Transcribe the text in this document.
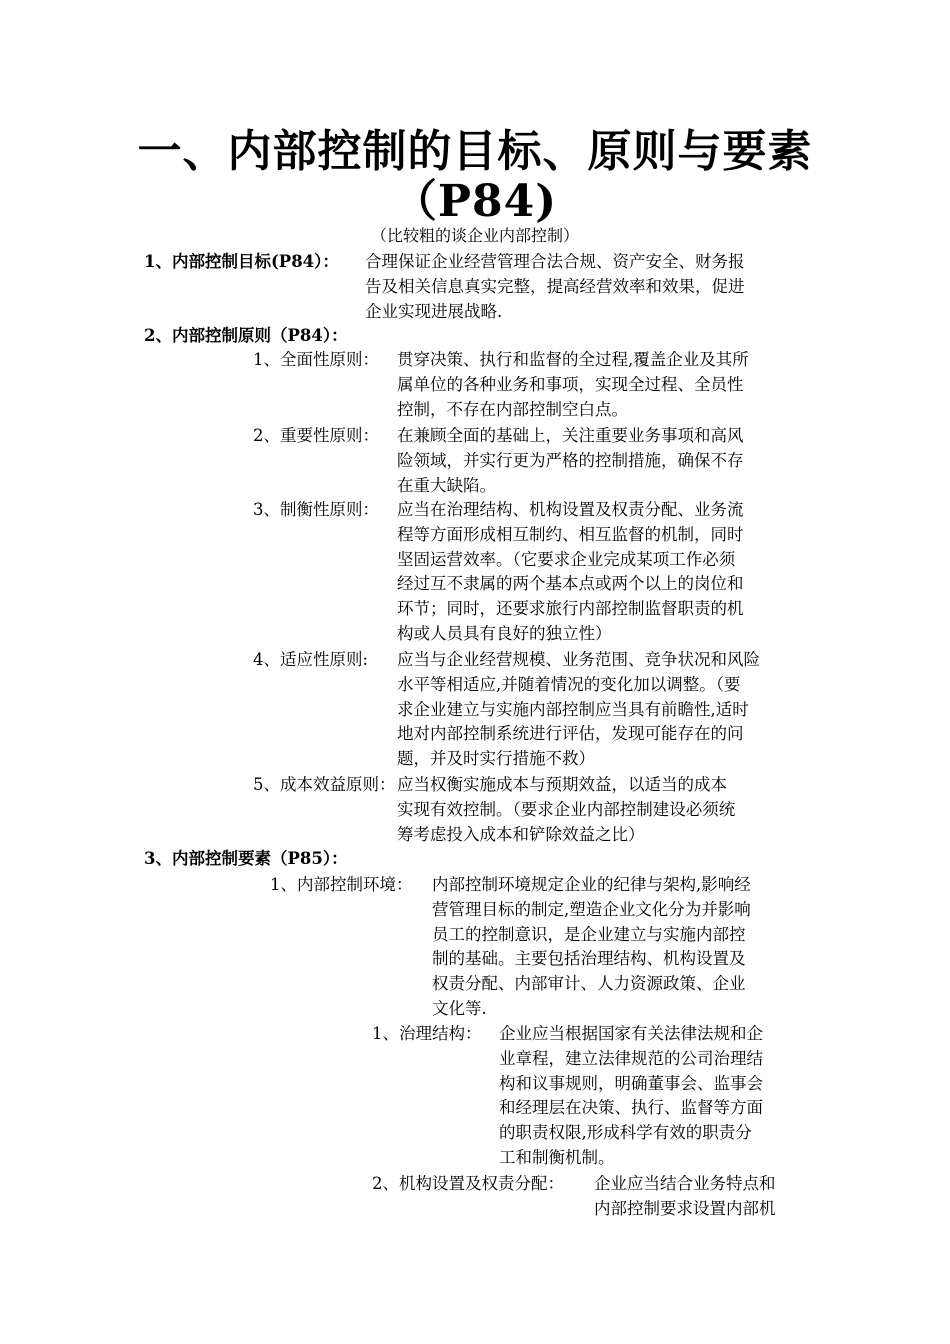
一、内部控制的目标、原则与要素
（P84)
（比较粗的谈企业内部控制）
1、内部控制目标(P84）： 合理保证企业经营管理合法合规、资产安全、财务报
告及相关信息真实完整，提高经营效率和效果，促进
企业实现进展战略.
2、内部控制原则（P84）：
1、全面性原则： 贯穿决策、执行和监督的全过程,覆盖企业及其所
属单位的各种业务和事项，实现全过程、全员性
控制，不存在内部控制空白点。
2、重要性原则： 在兼顾全面的基础上，关注重要业务事项和高风
险领域，并实行更为严格的控制措施，确保不存
在重大缺陷。
3、制衡性原则： 应当在治理结构、机构设置及权责分配、业务流
程等方面形成相互制约、相互监督的机制，同时
坚固运营效率。（它要求企业完成某项工作必须
经过互不隶属的两个基本点或两个以上的岗位和
环节；同时，还要求旅行内部控制监督职责的机
构或人员具有良好的独立性）
4、适应性原则: 应当与企业经营规模、业务范围、竞争状况和风险
水平等相适应,并随着情况的变化加以调整。（要
求企业建立与实施内部控制应当具有前瞻性,适时
地对内部控制系统进行评估，发现可能存在的问
题，并及时实行措施不救）
5、成本效益原则： 应当权衡实施成本与预期效益，以适当的成本
实现有效控制。（要求企业内部控制建设必须统
筹考虑投入成本和铲除效益之比）
3、内部控制要素（P85）：
1、内部控制环境： 内部控制环境规定企业的纪律与架构,影响经
营管理目标的制定,塑造企业文化分为并影响
员工的控制意识，是企业建立与实施内部控
制的基础。主要包括治理结构、机构设置及
权责分配、内部审计、人力资源政策、企业
文化等.
1、治理结构： 企业应当根据国家有关法律法规和企
业章程，建立法律规范的公司治理结
构和议事规则，明确董事会、监事会
和经理层在决策、执行、监督等方面
的职责权限,形成科学有效的职责分
工和制衡机制。
2、机构设置及权责分配： 企业应当结合业务特点和
内部控制要求设置内部机
